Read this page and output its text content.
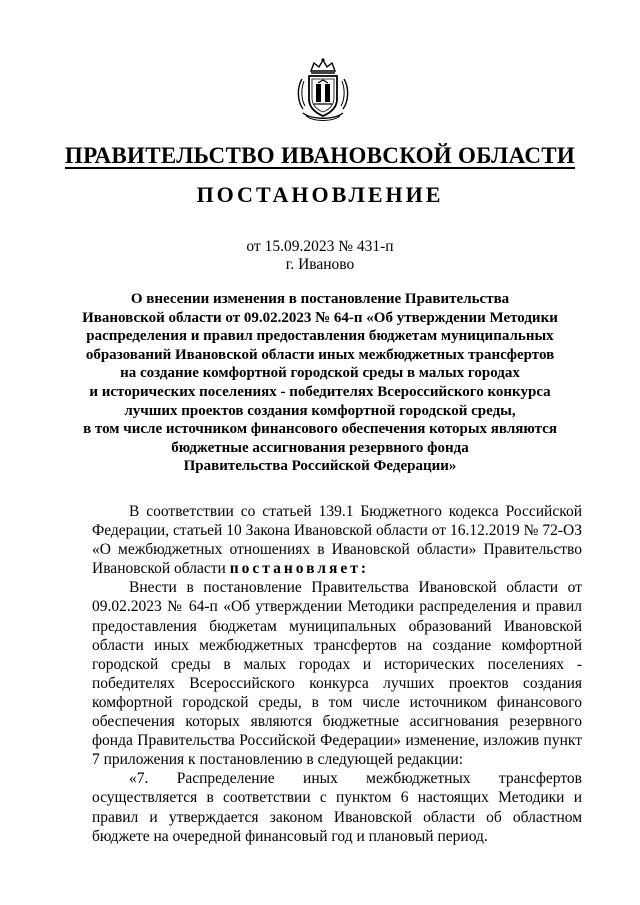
ПРАВИТЕЛЬСТВО ИВАНОВСКОЙ ОБЛАСТИ
ПОСТАНОВЛЕНИЕ
от 15.09.2023 № 431-п
г. Иваново
О внесении изменения в постановление Правительства
Ивановской области от 09.02.2023 № 64-п «Об утверждении Методики
распределения и правил предоставления бюджетам муниципальных
образований Ивановской области иных межбюджетных трансфертов
на создание комфортной городской среды в малых городах
и исторических поселениях - победителях Всероссийского конкурса
лучших проектов создания комфортной городской среды,
в том числе источником финансового обеспечения которых являются
бюджетные ассигнования резервного фонда
Правительства Российской Федерации»

В соответствии со статьей 139.1 Бюджетного кодекса Российской Федерации, статьей 10 Закона Ивановской области от 16.12.2019 № 72-ОЗ «О межбюджетных отношениях в Ивановской области» Правительство Ивановской области постановляет:

Внести в постановление Правительства Ивановской области от 09.02.2023 № 64-п «Об утверждении Методики распределения и правил предоставления бюджетам муниципальных образований Ивановской области иных межбюджетных трансфертов на создание комфортной городской среды в малых городах и исторических поселениях - победителях Всероссийского конкурса лучших проектов создания комфортной городской среды, в том числе источником финансового обеспечения которых являются бюджетные ассигнования резервного фонда Правительства Российской Федерации» изменение, изложив пункт 7 приложения к постановлению в следующей редакции:

«7. Распределение иных межбюджетных трансфертов осуществляется в соответствии с пунктом 6 настоящих Методики и правил и утверждается законом Ивановской области об областном бюджете на очередной финансовый год и плановый период.
